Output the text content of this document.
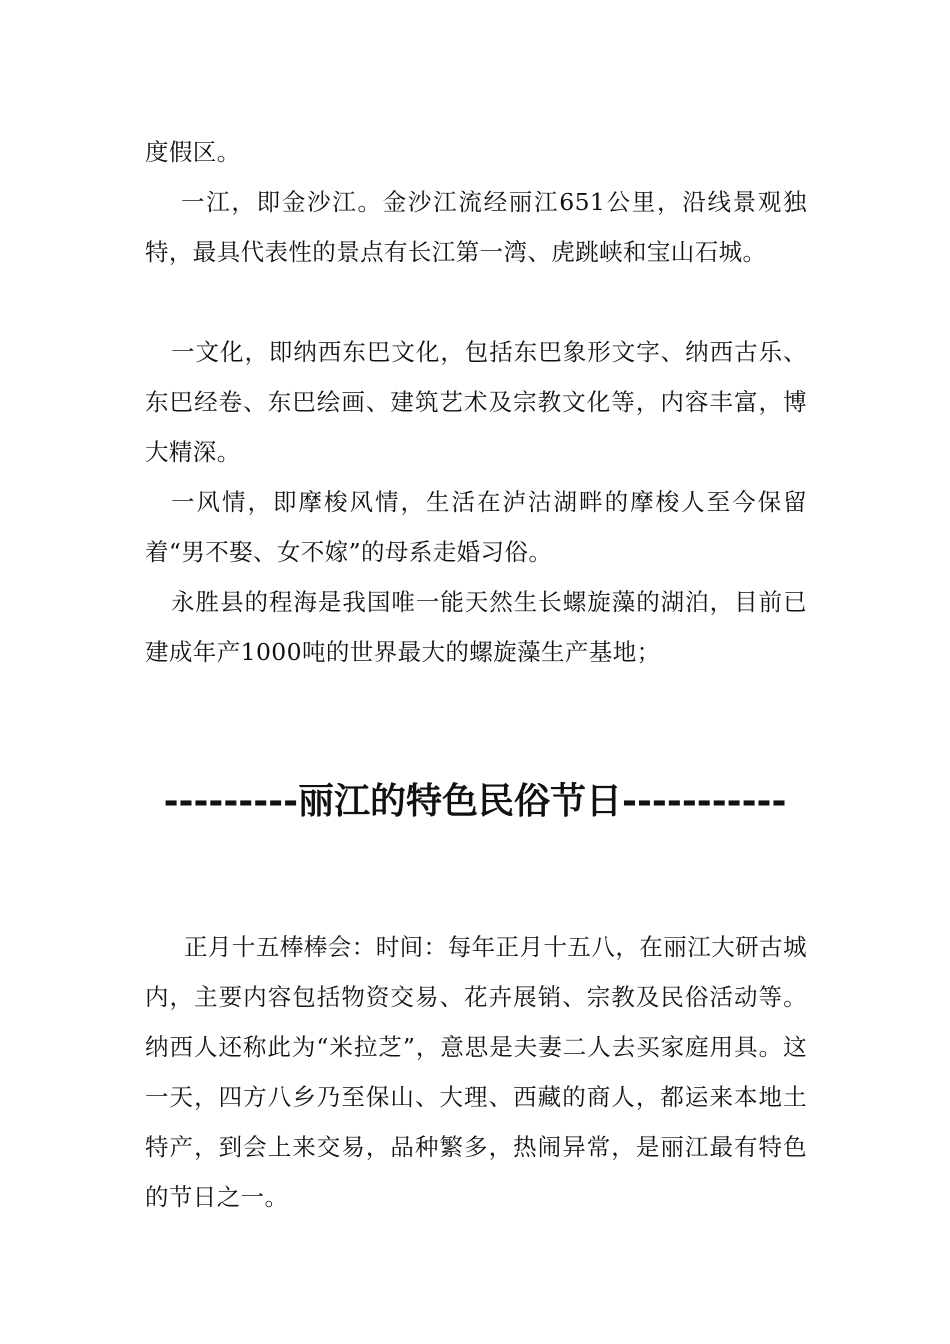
度假区。

一江，即金沙江。金沙江流经丽江651公里，沿线景观独特，最具代表性的景点有长江第一湾、虎跳峡和宝山石城。

一文化，即纳西东巴文化，包括东巴象形文字、纳西古乐、东巴经卷、东巴绘画、建筑艺术及宗教文化等，内容丰富，博大精深。

一风情，即摩梭风情，生活在泸沽湖畔的摩梭人至今保留着“男不娶、女不嫁”的母系走婚习俗。

永胜县的程海是我国唯一能天然生长螺旋藻的湖泊，目前已建成年产1000吨的世界最大的螺旋藻生产基地；

---------丽江的特色民俗节日-----------

正月十五棒棒会：时间：每年正月十五八，在丽江大研古城内，主要内容包括物资交易、花卉展销、宗教及民俗活动等。纳西人还称此为“米拉芝”，意思是夫妻二人去买家庭用具。这一天，四方八乡乃至保山、大理、西藏的商人，都运来本地土特产，到会上来交易，品种繁多，热闹异常，是丽江最有特色的节日之一。
